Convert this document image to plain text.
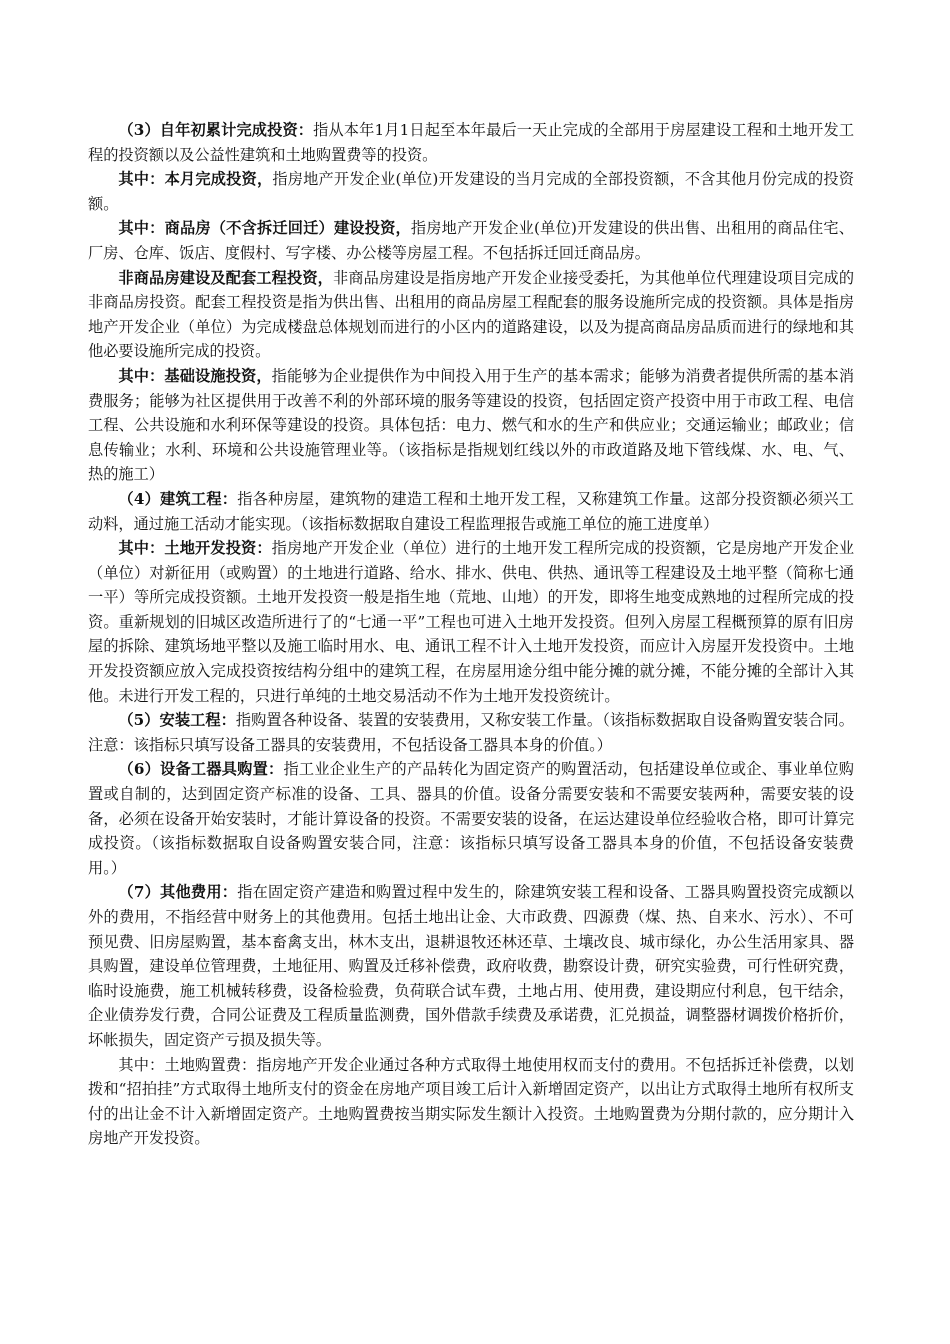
（3）自年初累计完成投资：指从本年1月1日起至本年最后一天止完成的全部用于房屋建设工程和土地开发工程的投资额以及公益性建筑和土地购置费等的投资。

其中：本月完成投资，指房地产开发企业(单位)开发建设的当月完成的全部投资额，不含其他月份完成的投资额。

其中：商品房（不含拆迁回迁）建设投资，指房地产开发企业(单位)开发建设的供出售、出租用的商品住宅、厂房、仓库、饭店、度假村、写字楼、办公楼等房屋工程。不包括拆迁回迁商品房。

非商品房建设及配套工程投资，非商品房建设是指房地产开发企业接受委托，为其他单位代理建设项目完成的非商品房投资。配套工程投资是指为供出售、出租用的商品房屋工程配套的服务设施所完成的投资额。具体是指房地产开发企业（单位）为完成楼盘总体规划而进行的小区内的道路建设，以及为提高商品房品质而进行的绿地和其他必要设施所完成的投资。

其中：基础设施投资，指能够为企业提供作为中间投入用于生产的基本需求；能够为消费者提供所需的基本消费服务；能够为社区提供用于改善不利的外部环境的服务等建设的投资，包括固定资产投资中用于市政工程、电信工程、公共设施和水利环保等建设的投资。具体包括：电力、燃气和水的生产和供应业；交通运输业；邮政业；信息传输业；水利、环境和公共设施管理业等。（该指标是指规划红线以外的市政道路及地下管线煤、水、电、气、热的施工）

（4）建筑工程：指各种房屋，建筑物的建造工程和土地开发工程，又称建筑工作量。这部分投资额必须兴工动料，通过施工活动才能实现。（该指标数据取自建设工程监理报告或施工单位的施工进度单）

其中：土地开发投资：指房地产开发企业（单位）进行的土地开发工程所完成的投资额，它是房地产开发企业（单位）对新征用（或购置）的土地进行道路、给水、排水、供电、供热、通讯等工程建设及土地平整（简称七通一平）等所完成投资额。土地开发投资一般是指生地（荒地、山地）的开发，即将生地变成熟地的过程所完成的投资。重新规划的旧城区改造所进行了的“七通一平”工程也可进入土地开发投资。但列入房屋工程概预算的原有旧房屋的拆除、建筑场地平整以及施工临时用水、电、通讯工程不计入土地开发投资，而应计入房屋开发投资中。土地开发投资额应放入完成投资按结构分组中的建筑工程，在房屋用途分组中能分摊的就分摊，不能分摊的全部计入其他。未进行开发工程的，只进行单纯的土地交易活动不作为土地开发投资统计。

（5）安装工程：指购置各种设备、装置的安装费用，又称安装工作量。（该指标数据取自设备购置安装合同。注意：该指标只填写设备工器具的安装费用，不包括设备工器具本身的价值。）

（6）设备工器具购置：指工业企业生产的产品转化为固定资产的购置活动，包括建设单位或企、事业单位购置或自制的，达到固定资产标准的设备、工具、器具的价值。设备分需要安装和不需要安装两种，需要安装的设备，必须在设备开始安装时，才能计算设备的投资。不需要安装的设备，在运达建设单位经验收合格，即可计算完成投资。（该指标数据取自设备购置安装合同，注意：该指标只填写设备工器具本身的价值，不包括设备安装费用。）

（7）其他费用：指在固定资产建造和购置过程中发生的，除建筑安装工程和设备、工器具购置投资完成额以外的费用，不指经营中财务上的其他费用。包括土地出让金、大市政费、四源费（煤、热、自来水、污水）、不可预见费、旧房屋购置，基本畜禽支出，林木支出，退耕退牧还林还草、土壤改良、城市绿化，办公生活用家具、器具购置，建设单位管理费，土地征用、购置及迁移补偿费，政府收费，勘察设计费，研究实验费，可行性研究费，临时设施费，施工机械转移费，设备检验费，负荷联合试车费，土地占用、使用费，建设期应付利息，包干结余，企业债券发行费，合同公证费及工程质量监测费，国外借款手续费及承诺费，汇兑损益，调整器材调拨价格折价，坏帐损失，固定资产亏损及损失等。

其中：土地购置费：指房地产开发企业通过各种方式取得土地使用权而支付的费用。不包括拆迁补偿费，以划拨和“招拍挂”方式取得土地所支付的资金在房地产项目竣工后计入新增固定资产，以出让方式取得土地所有权所支付的出让金不计入新增固定资产。土地购置费按当期实际发生额计入投资。土地购置费为分期付款的，应分期计入房地产开发投资。
